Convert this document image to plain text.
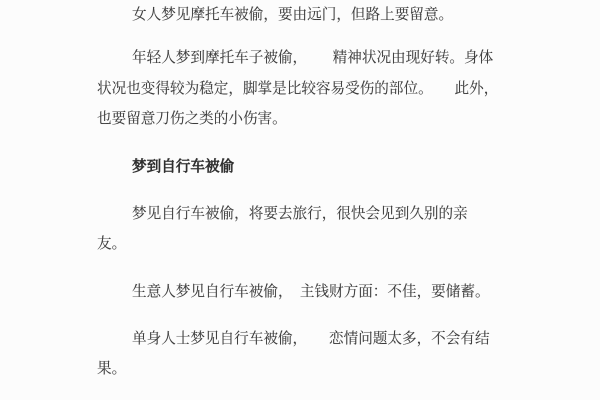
女人梦见摩托车被偷，要由远门，但路上要留意。
年轻人梦到摩托车子被偷，　　 精神状况由现好转。身体
状况也变得较为稳定，脚掌是比较容易受伤的部位。　　此外，
也要留意刀伤之类的小伤害。
梦到自行车被偷
梦见自行车被偷，将要去旅行，很快会见到久别的亲
友。
生意人梦见自行车被偷，　主钱财方面：不佳，要储蓄。
单身人士梦见自行车被偷，　　恋情问题太多，不会有结
果。
